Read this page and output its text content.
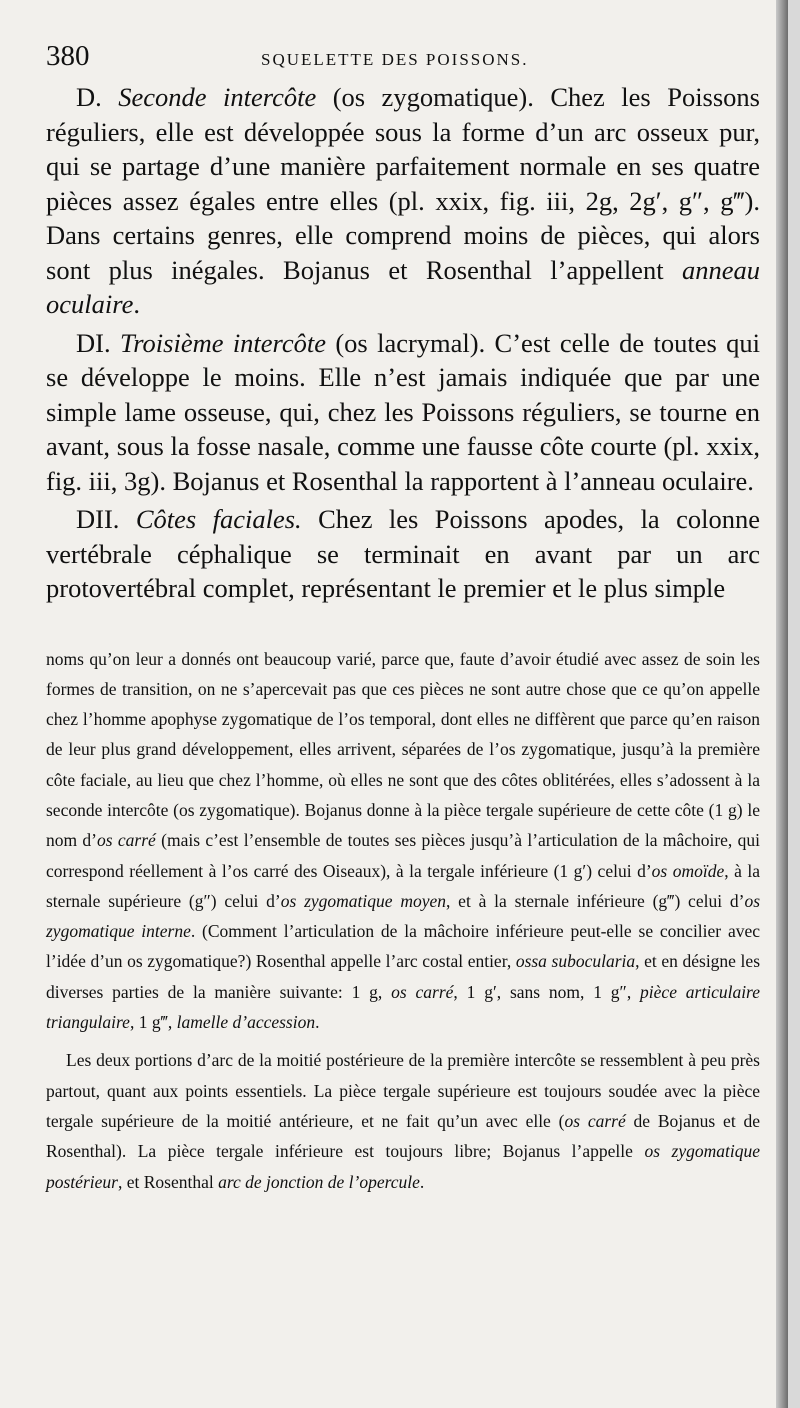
380	SQUELETTE DES POISSONS.

D. Seconde intercôte (os zygomatique). Chez les Poissons réguliers, elle est développée sous la forme d’un arc osseux pur, qui se partage d’une manière parfaitement normale en ses quatre pièces assez égales entre elles (pl. xxix, fig. iii, 2g, 2g′, g″, g‴). Dans certains genres, elle comprend moins de pièces, qui alors sont plus inégales. Bojanus et Rosenthal l’appellent anneau oculaire.

DI. Troisième intercôte (os lacrymal). C’est celle de toutes qui se développe le moins. Elle n’est jamais indiquée que par une simple lame osseuse, qui, chez les Poissons réguliers, se tourne en avant, sous la fosse nasale, comme une fausse côte courte (pl. xxix, fig. iii, 3g). Bojanus et Rosenthal la rapportent à l’anneau oculaire.

DII. Côtes faciales. Chez les Poissons apodes, la colonne vertébrale céphalique se terminait en avant par un arc protovertébral complet, représentant le premier et le plus simple

noms qu’on leur a donnés ont beaucoup varié, parce que, faute d’avoir étudié avec assez de soin les formes de transition, on ne s’apercevait pas que ces pièces ne sont autre chose que ce qu’on appelle chez l’homme apophyse zygomatique de l’os temporal, dont elles ne diffèrent que parce qu’en raison de leur plus grand développement, elles arrivent, séparées de l’os zygomatique, jusqu’à la première côte faciale, au lieu que chez l’homme, où elles ne sont que des côtes oblitérées, elles s’adossent à la seconde intercôte (os zygomatique). Bojanus donne à la pièce tergale supérieure de cette côte (1 g) le nom d’os carré (mais c’est l’ensemble de toutes ses pièces jusqu’à l’articulation de la mâchoire, qui correspond réellement à l’os carré des Oiseaux), à la tergale inférieure (1 g′) celui d’os omoïde, à la sternale supérieure (g″) celui d’os zygomatique moyen, et à la sternale inférieure (g‴) celui d’os zygomatique interne. (Comment l’articulation de la mâchoire inférieure peut-elle se concilier avec l’idée d’un os zygomatique?) Rosenthal appelle l’arc costal entier, ossa subocularia, et en désigne les diverses parties de la manière suivante: 1 g, os carré, 1 g′, sans nom, 1 g″, pièce articulaire triangulaire, 1 g‴, lamelle d’accession.

Les deux portions d’arc de la moitié postérieure de la première intercôte se ressemblent à peu près partout, quant aux points essentiels. La pièce tergale supérieure est toujours soudée avec la pièce tergale supérieure de la moitié antérieure, et ne fait qu’un avec elle (os carré de Bojanus et de Rosenthal). La pièce tergale inférieure est toujours libre; Bojanus l’appelle os zygomatique postérieur, et Rosenthal arc de jonction de l’opercule.
